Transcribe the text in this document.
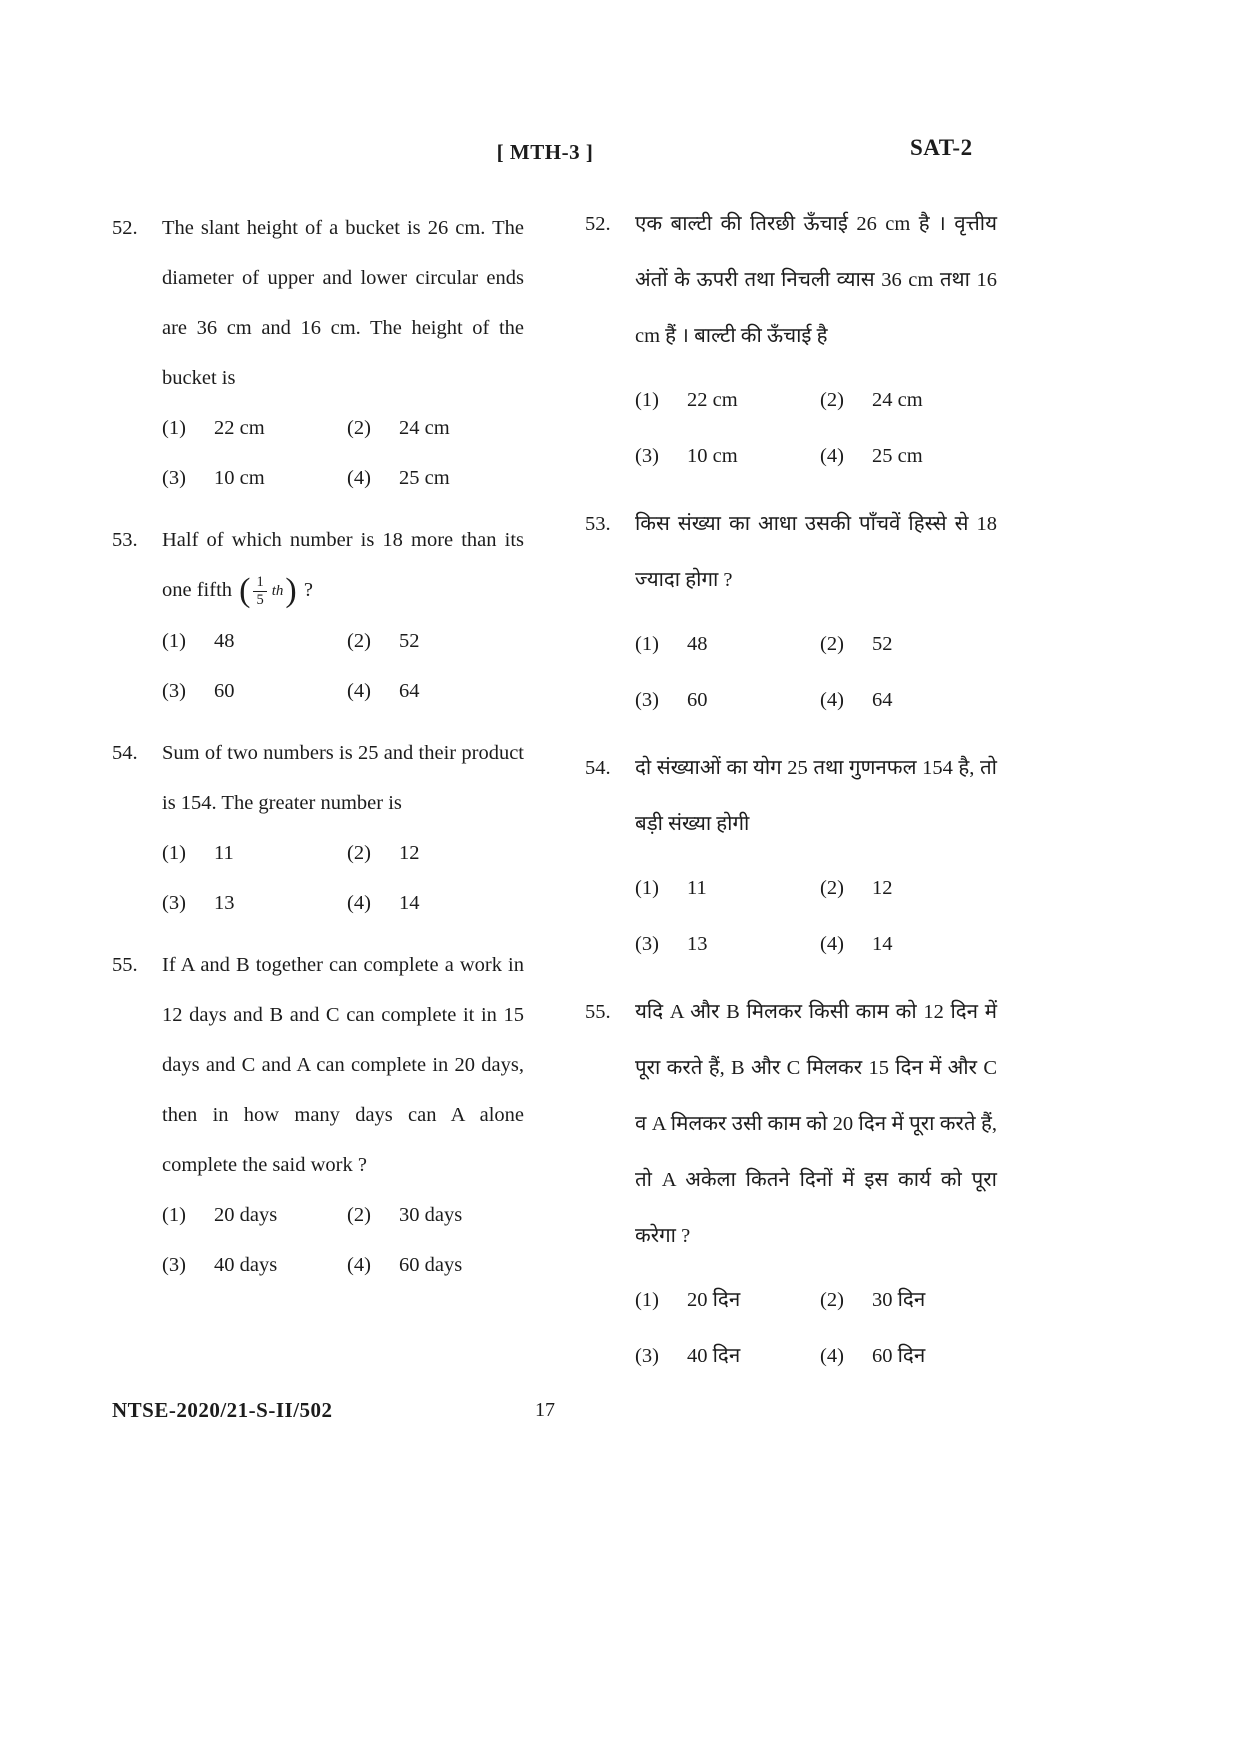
[ MTH-3 ]	SAT-2
52.	The slant height of a bucket is 26 cm. The diameter of upper and lower circular ends are 36 cm and 16 cm. The height of the bucket is

(1)	22 cm	(2)	24 cm
(3)	10 cm	(4)	25 cm
53.	Half of which number is 18 more than its one fifth ( $\frac{1}{5}$ th ) ?

(1)	48	(2)	52
(3)	60	(4)	64
54.	Sum of two numbers is 25 and their product is 154. The greater number is

(1)	11	(2)	12
(3)	13	(4)	14
55.	If A and B together can complete a work in 12 days and B and C can complete it in 15 days and C and A can complete in 20 days, then in how many days can A alone complete the said work ?

(1)	20 days	(2)	30 days
(3)	40 days	(4)	60 days
52.	एक बाल्टी की तिरछी ऊँचाई 26 cm है । वृत्तीय अंतों के ऊपरी तथा निचली व्यास 36 cm तथा 16 cm हैं । बाल्टी की ऊँचाई है

(1)	22 cm	(2)	24 cm
(3)	10 cm	(4)	25 cm
53.	किस संख्या का आधा उसकी पाँचवें हिस्से से 18 ज्यादा होगा ?

(1)	48	(2)	52
(3)	60	(4)	64
54.	दो संख्याओं का योग 25 तथा गुणनफल 154 है, तो बड़ी संख्या होगी

(1)	11	(2)	12
(3)	13	(4)	14
55.	यदि A और B मिलकर किसी काम को 12 दिन में पूरा करते हैं, B और C मिलकर 15 दिन में और C व A मिलकर उसी काम को 20 दिन में पूरा करते हैं, तो A अकेला कितने दिनों में इस कार्य को पूरा करेगा ?

(1)	20 दिन	(2)	30 दिन
(3)	40 दिन	(4)	60 दिन
NTSE-2020/21-S-II/502	17
